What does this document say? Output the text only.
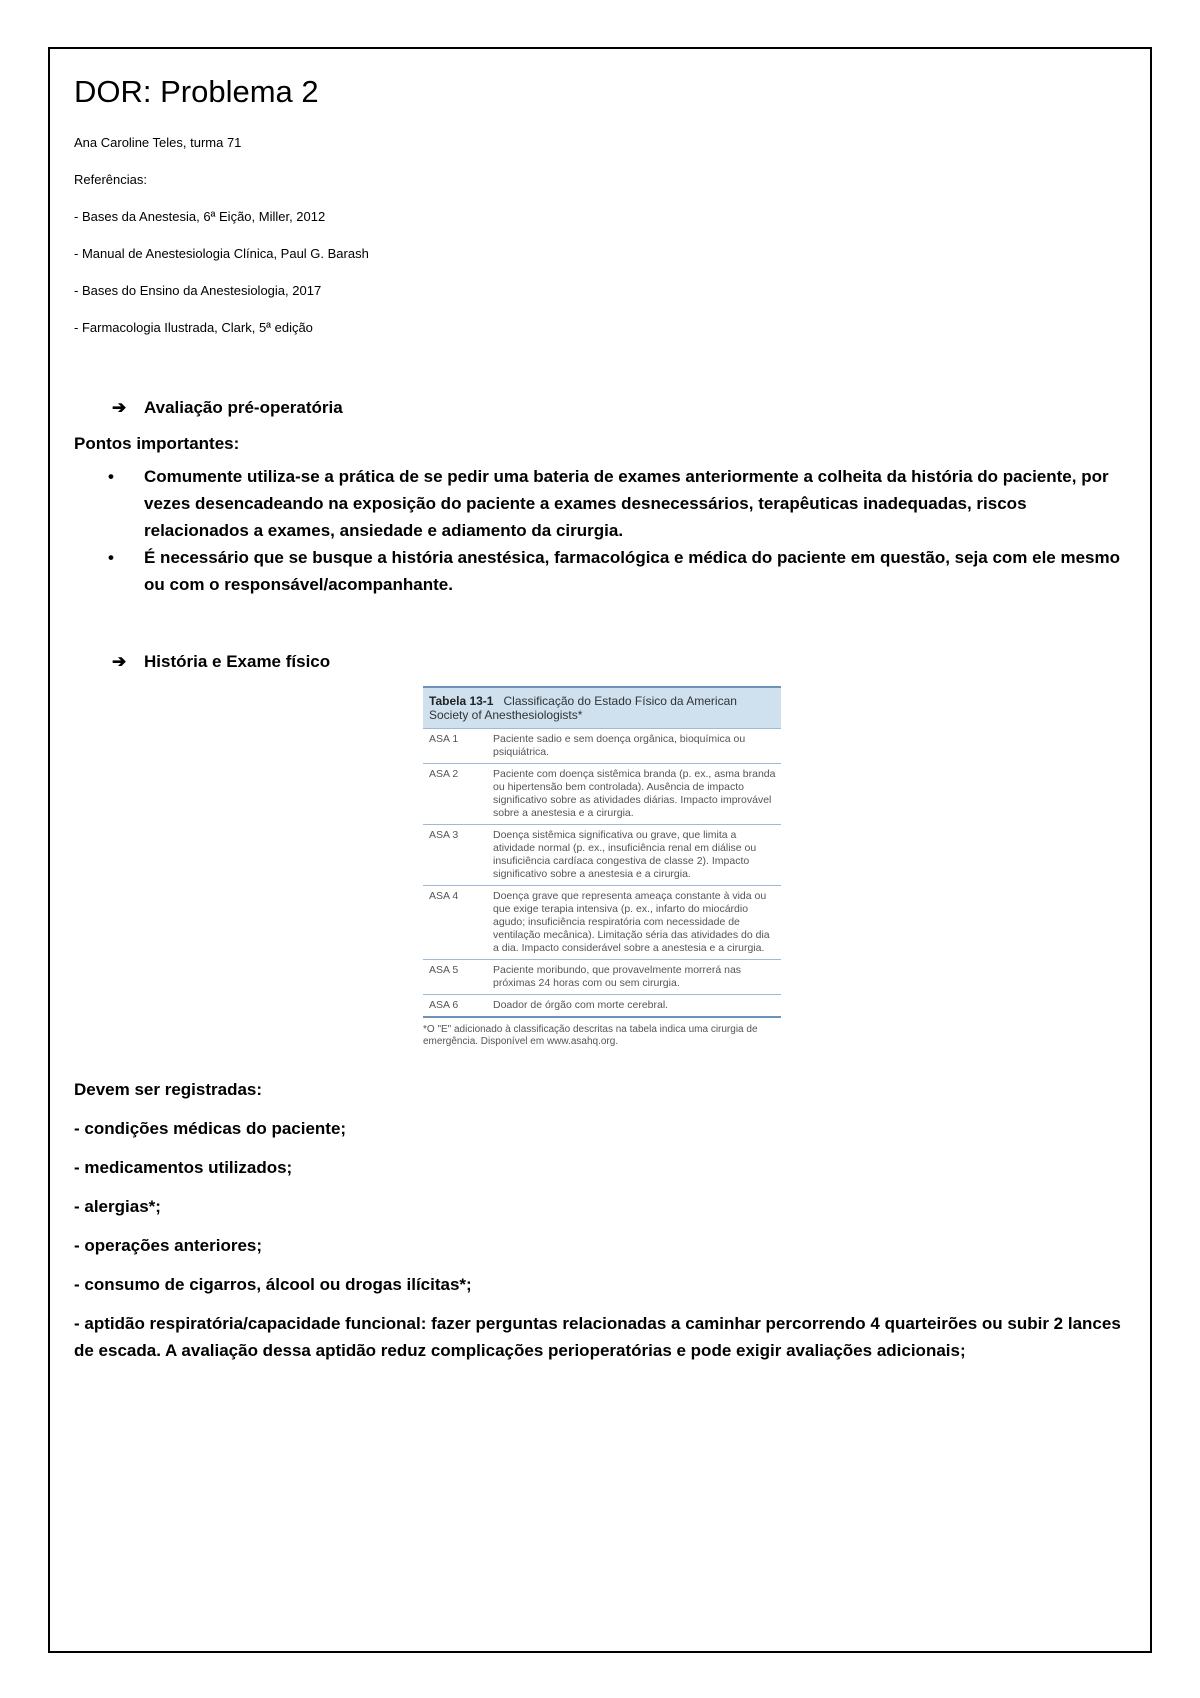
DOR: Problema 2

Ana Caroline Teles, turma 71

Referências:

- Bases da Anestesia, 6ª Eição, Miller, 2012

- Manual de Anestesiologia Clínica, Paul G. Barash

- Bases do Ensino da Anestesiologia, 2017

- Farmacologia Ilustrada, Clark, 5ª edição

➔	Avaliação pré-operatória

Pontos importantes:

•	Comumente utiliza-se a prática de se pedir uma bateria de exames anteriormente a colheita da história do paciente, por vezes desencadeando na exposição do paciente a exames desnecessários, terapêuticas inadequadas, riscos relacionados a exames, ansiedade e adiamento da cirurgia.
•	É necessário que se busque a história anestésica, farmacológica e médica do paciente em questão, seja com ele mesmo ou com o responsável/acompanhante.

➔	História e Exame físico

Tabela 13-1 Classificação do Estado Físico da American Society of Anesthesiologists*
ASA 1	Paciente sadio e sem doença orgânica, bioquímica ou psiquiátrica.
ASA 2	Paciente com doença sistêmica branda (p. ex., asma branda ou hipertensão bem controlada). Ausência de impacto significativo sobre as atividades diárias. Impacto improvável sobre a anestesia e a cirurgia.
ASA 3	Doença sistêmica significativa ou grave, que limita a atividade normal (p. ex., insuficiência renal em diálise ou insuficiência cardíaca congestiva de classe 2). Impacto significativo sobre a anestesia e a cirurgia.
ASA 4	Doença grave que representa ameaça constante à vida ou que exige terapia intensiva (p. ex., infarto do miocárdio agudo; insuficiência respiratória com necessidade de ventilação mecânica). Limitação séria das atividades do dia a dia. Impacto considerável sobre a anestesia e a cirurgia.
ASA 5	Paciente moribundo, que provavelmente morrerá nas próximas 24 horas com ou sem cirurgia.
ASA 6	Doador de órgão com morte cerebral.
*O "E" adicionado à classificação descritas na tabela indica uma cirurgia de emergência. Disponível em www.asahq.org.

Devem ser registradas:

- condições médicas do paciente;

- medicamentos utilizados;

- alergias*;

- operações anteriores;

- consumo de cigarros, álcool ou drogas ilícitas*;

- aptidão respiratória/capacidade funcional: fazer perguntas relacionadas a caminhar percorrendo 4 quarteirões ou subir 2 lances de escada. A avaliação dessa aptidão reduz complicações perioperatórias e pode exigir avaliações adicionais;
